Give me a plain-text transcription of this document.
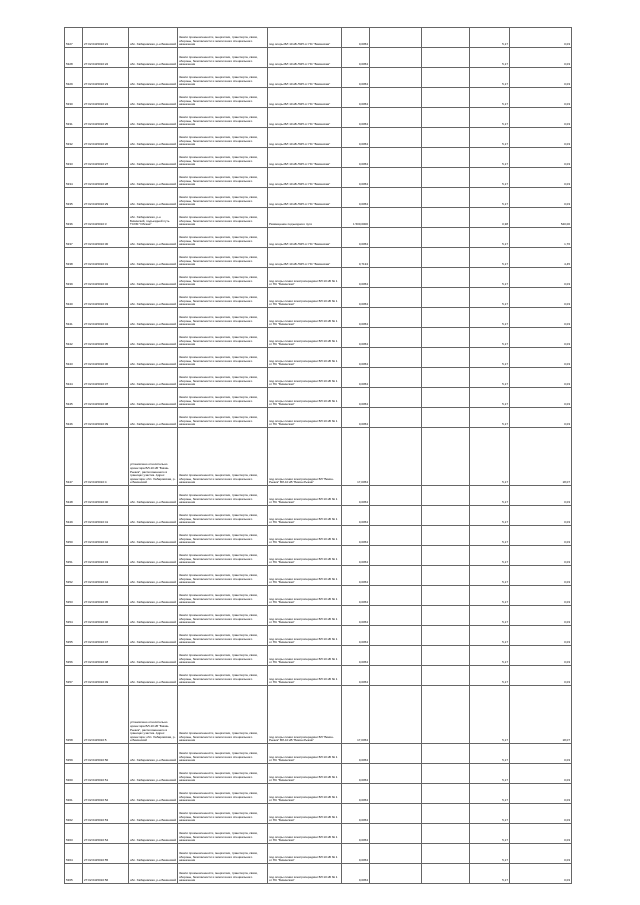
5327	27:02:0415010:21	обл. Хабаровская, р-н Бикинский	Земли промышленности, энергетики, транспорта, связи, обороны, безопасности и земли иного специального назначения	под опоры ВЛ 10 кВ ЛЭП от ПС "Бикинская"	0,0054			5,17	0,03
5328	27:02:0415010:22	обл. Хабаровская, р-н Бикинский	Земли промышленности, энергетики, транспорта, связи, обороны, безопасности и земли иного специального назначения	под опоры ВЛ 10 кВ ЛЭП от ПС "Бикинская"	0,0054			5,17	0,03
5329	27:02:0415010:23	обл. Хабаровская, р-н Бикинский	Земли промышленности, энергетики, транспорта, связи, обороны, безопасности и земли иного специального назначения	под опоры ВЛ 10 кВ ЛЭП от ПС "Бикинская"	0,0054			5,17	0,03
5330	27:02:0415010:24	обл. Хабаровская, р-н Бикинский	Земли промышленности, энергетики, транспорта, связи, обороны, безопасности и земли иного специального назначения	под опоры ВЛ 10 кВ ЛЭП от ПС "Бикинская"	0,0054			5,17	0,03
5331	27:02:0415010:25	обл. Хабаровская, р-н Бикинский	Земли промышленности, энергетики, транспорта, связи, обороны, безопасности и земли иного специального назначения	под опоры ВЛ 10 кВ ЛЭП от ПС "Бикинская"	0,0054			5,17	0,03
5332	27:02:0415010:26	обл. Хабаровская, р-н Бикинский	Земли промышленности, энергетики, транспорта, связи, обороны, безопасности и земли иного специального назначения	под опоры ВЛ 10 кВ ЛЭП от ПС "Бикинская"	0,0054			5,17	0,03
5333	27:02:0415010:27	обл. Хабаровская, р-н Бикинский	Земли промышленности, энергетики, транспорта, связи, обороны, безопасности и земли иного специального назначения	под опоры ВЛ 10 кВ ЛЭП от ПС "Бикинская"	0,0054			5,17	0,03
5334	27:02:0415010:28	обл. Хабаровская, р-н Бикинский	Земли промышленности, энергетики, транспорта, связи, обороны, безопасности и земли иного специального назначения	под опоры ВЛ 10 кВ ЛЭП от ПС "Бикинская"	0,0054			5,17	0,03
5335	27:02:0415010:29	обл. Хабаровская, р-н Бикинский	Земли промышленности, энергетики, транспорта, связи, обороны, безопасности и земли иного специального назначения	под опоры ВЛ 10 кВ ЛЭП от ПС "Бикинская"	0,0054			5,17	0,03
5336	27:02:0415010:3	обл. Хабаровская, р-н Бикинский, подъездной путь ТСХМ "Обская"	Земли промышленности, энергетики, транспорта, связи, обороны, безопасности и земли иного специального назначения	Размещение подъездного пути	1 500,0000			0,38	540,00
5337	27:02:0415010:30	обл. Хабаровская, р-н Бикинский	Земли промышленности, энергетики, транспорта, связи, обороны, безопасности и земли иного специального назначения	под опоры ВЛ 10 кВ ЛЭП от ПС "Бикинская"	0,0054			5,17	1,76
5338	27:02:0415010:31	обл. Хабаровская, р-н Бикинский	Земли промышленности, энергетики, транспорта, связи, обороны, безопасности и земли иного специального назначения	под опоры ВЛ 10 кВ ЛЭП от ПС "Бикинская"	0,7134			5,17	4,45
5339	27:02:0415010:32	обл. Хабаровская, р-н Бикинский	Земли промышленности, энергетики, транспорта, связи, обороны, безопасности и земли иного специального назначения	под опоры линии электропередачи ВЛ 10 кВ № 1 от ПС "Бикинская"	0,0054			5,17	0,03
5340	27:02:0415010:33	обл. Хабаровская, р-н Бикинский	Земли промышленности, энергетики, транспорта, связи, обороны, безопасности и земли иного специального назначения	под опоры линии электропередачи ВЛ 10 кВ № 1 от ПС "Бикинская"	0,0054			5,17	0,03
5341	27:02:0415010:34	обл. Хабаровская, р-н Бикинский	Земли промышленности, энергетики, транспорта, связи, обороны, безопасности и земли иного специального назначения	под опоры линии электропередачи ВЛ 10 кВ № 1 от ПС "Бикинская"	0,0054			5,17	0,03
5342	27:02:0415010:35	обл. Хабаровская, р-н Бикинский	Земли промышленности, энергетики, транспорта, связи, обороны, безопасности и земли иного специального назначения	под опоры линии электропередачи ВЛ 10 кВ № 1 от ПС "Бикинская"	0,0054			5,17	0,03
5343	27:02:0415010:36	обл. Хабаровская, р-н Бикинский	Земли промышленности, энергетики, транспорта, связи, обороны, безопасности и земли иного специального назначения	под опоры линии электропередачи ВЛ 10 кВ № 1 от ПС "Бикинская"	0,0054			5,17	0,03
5344	27:02:0415010:37	обл. Хабаровская, р-н Бикинский	Земли промышленности, энергетики, транспорта, связи, обороны, безопасности и земли иного специального назначения	под опоры линии электропередачи ВЛ 10 кВ № 1 от ПС "Бикинская"	0,0054			5,17	0,03
5345	27:02:0415010:38	обл. Хабаровская, р-н Бикинский	Земли промышленности, энергетики, транспорта, связи, обороны, безопасности и земли иного специального назначения	под опоры линии электропередачи ВЛ 10 кВ № 1 от ПС "Бикинская"	0,0054			5,17	0,03
5346	27:02:0415010:39	обл. Хабаровская, р-н Бикинский	Земли промышленности, энергетики, транспорта, связи, обороны, безопасности и земли иного специального назначения	под опоры линии электропередачи ВЛ 10 кВ № 1 от ПС "Бикинская"	0,0054			5,17	0,03
5347	27:02:0415010:4	установлено относительно ориентира ВЛ-10 кВ "Бикин-Рыжик", расположенного в границах участка. Адрес ориентира: обл. Хабаровская, р-н Бикинский	Земли промышленности, энергетики, транспорта, связи, обороны, безопасности и земли иного специального назначения	под опоры линии электропередачи ВЛ "Бикин-Рыжик" ВЛ-10 кВ "Бикин-Рыжик"	17,0054			5,17	18,07
5348	27:02:0415010:40	обл. Хабаровская, р-н Бикинский	Земли промышленности, энергетики, транспорта, связи, обороны, безопасности и земли иного специального назначения	под опоры линии электропередачи ВЛ 10 кВ № 1 от ПС "Бикинская"	0,0054			5,17	0,03
5349	27:02:0415010:41	обл. Хабаровская, р-н Бикинский	Земли промышленности, энергетики, транспорта, связи, обороны, безопасности и земли иного специального назначения	под опоры линии электропередачи ВЛ 10 кВ № 1 от ПС "Бикинская"	0,0054			5,17	0,03
5350	27:02:0415010:42	обл. Хабаровская, р-н Бикинский	Земли промышленности, энергетики, транспорта, связи, обороны, безопасности и земли иного специального назначения	под опоры линии электропередачи ВЛ 10 кВ № 1 от ПС "Бикинская"	0,0054			5,17	0,03
5351	27:02:0415010:43	обл. Хабаровская, р-н Бикинский	Земли промышленности, энергетики, транспорта, связи, обороны, безопасности и земли иного специального назначения	под опоры линии электропередачи ВЛ 10 кВ № 1 от ПС "Бикинская"	0,0054			5,17	0,03
5352	27:02:0415010:44	обл. Хабаровская, р-н Бикинский	Земли промышленности, энергетики, транспорта, связи, обороны, безопасности и земли иного специального назначения	под опоры линии электропередачи ВЛ 10 кВ № 1 от ПС "Бикинская"	0,0054			5,17	0,03
5353	27:02:0415010:45	обл. Хабаровская, р-н Бикинский	Земли промышленности, энергетики, транспорта, связи, обороны, безопасности и земли иного специального назначения	под опоры линии электропередачи ВЛ 10 кВ № 1 от ПС "Бикинская"	0,0054			5,17	0,03
5354	27:02:0415010:46	обл. Хабаровская, р-н Бикинский	Земли промышленности, энергетики, транспорта, связи, обороны, безопасности и земли иного специального назначения	под опоры линии электропередачи ВЛ 10 кВ № 1 от ПС "Бикинская"	0,0054			5,17	0,03
5355	27:02:0415010:47	обл. Хабаровская, р-н Бикинский	Земли промышленности, энергетики, транспорта, связи, обороны, безопасности и земли иного специального назначения	под опоры линии электропередачи ВЛ 10 кВ № 1 от ПС "Бикинская"	0,0054			5,17	0,03
5356	27:02:0415010:48	обл. Хабаровская, р-н Бикинский	Земли промышленности, энергетики, транспорта, связи, обороны, безопасности и земли иного специального назначения	под опоры линии электропередачи ВЛ 10 кВ № 1 от ПС "Бикинская"	0,0054			5,17	0,03
5357	27:02:0415010:49	обл. Хабаровская, р-н Бикинский	Земли промышленности, энергетики, транспорта, связи, обороны, безопасности и земли иного специального назначения	под опоры линии электропередачи ВЛ 10 кВ № 1 от ПС "Бикинская"	0,0054			5,17	0,03
5358	27:02:0415010:5	установлено относительно ориентира ВЛ-10 кВ "Бикин-Рыжик", расположенного в границах участка. Адрес ориентира: обл. Хабаровская, р-н Бикинский	Земли промышленности, энергетики, транспорта, связи, обороны, безопасности и земли иного специального назначения	под опоры линии электропередачи ВЛ "Бикин-Рыжик" ВЛ-10 кВ "Бикин-Рыжик"	17,0054			5,17	18,07
5359	27:02:0415010:50	обл. Хабаровская, р-н Бикинский	Земли промышленности, энергетики, транспорта, связи, обороны, безопасности и земли иного специального назначения	под опоры линии электропередачи ВЛ 10 кВ № 1 от ПС "Бикинская"	0,0054			5,17	0,03
5360	27:02:0415010:51	обл. Хабаровская, р-н Бикинский	Земли промышленности, энергетики, транспорта, связи, обороны, безопасности и земли иного специального назначения	под опоры линии электропередачи ВЛ 10 кВ № 1 от ПС "Бикинская"	0,0054			5,17	0,03
5361	27:02:0415010:52	обл. Хабаровская, р-н Бикинский	Земли промышленности, энергетики, транспорта, связи, обороны, безопасности и земли иного специального назначения	под опоры линии электропередачи ВЛ 10 кВ № 1 от ПС "Бикинская"	0,0054			5,17	0,03
5362	27:02:0415010:53	обл. Хабаровская, р-н Бикинский	Земли промышленности, энергетики, транспорта, связи, обороны, безопасности и земли иного специального назначения	под опоры линии электропередачи ВЛ 10 кВ № 1 от ПС "Бикинская"	0,0054			5,17	0,03
5363	27:02:0415010:54	обл. Хабаровская, р-н Бикинский	Земли промышленности, энергетики, транспорта, связи, обороны, безопасности и земли иного специального назначения	под опоры линии электропередачи ВЛ 10 кВ № 1 от ПС "Бикинская"	0,0054			5,17	0,03
5364	27:02:0415010:55	обл. Хабаровская, р-н Бикинский	Земли промышленности, энергетики, транспорта, связи, обороны, безопасности и земли иного специального назначения	под опоры линии электропередачи ВЛ 10 кВ № 1 от ПС "Бикинская"	0,0054			5,17	0,03
5365	27:02:0415010:56	обл. Хабаровская, р-н Бикинский	Земли промышленности, энергетики, транспорта, связи, обороны, безопасности и земли иного специального назначения	под опоры линии электропередачи ВЛ 10 кВ № 1 от ПС "Бикинская"	0,0054			5,17	0,03
